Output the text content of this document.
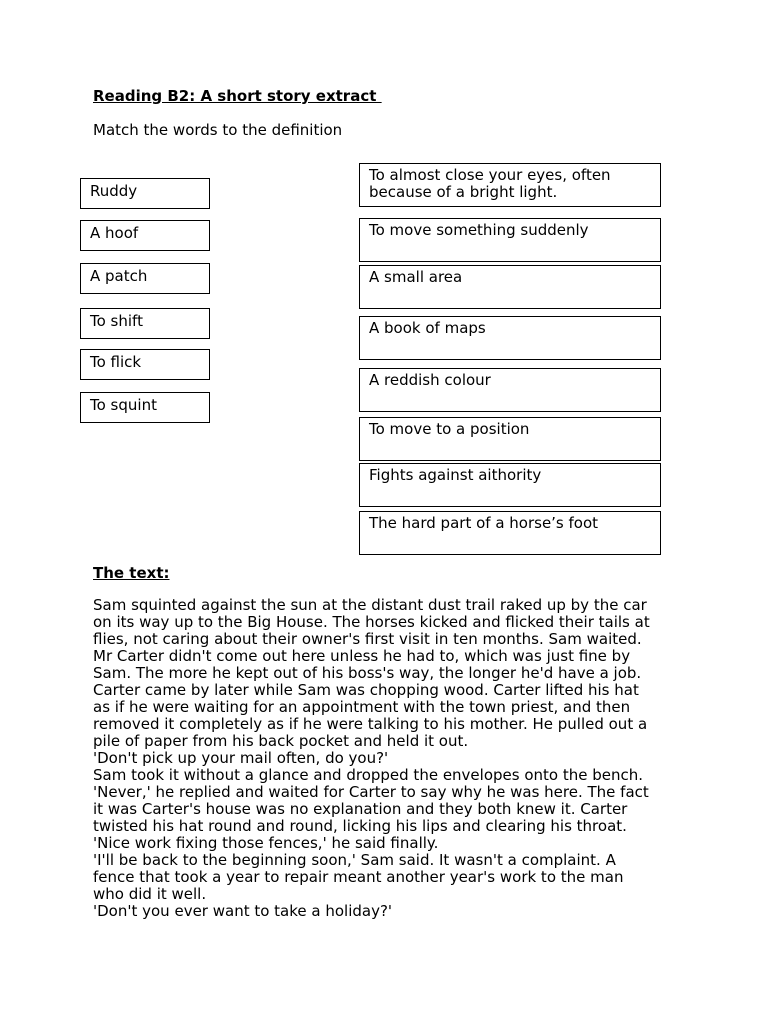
Reading B2: A short story extract
Match the words to the definition
Ruddy
A hoof
A patch
To shift
To flick
To squint
To almost close your eyes, often because of a bright light.
To move something suddenly
A small area
A book of maps
A reddish colour
To move to a position
Fights against aithority
The hard part of a horse’s foot
The text:
Sam squinted against the sun at the distant dust trail raked up by the car
on its way up to the Big House. The horses kicked and flicked their tails at
flies, not caring about their owner's first visit in ten months. Sam waited.
Mr Carter didn't come out here unless he had to, which was just fine by
Sam. The more he kept out of his boss's way, the longer he'd have a job.
Carter came by later while Sam was chopping wood. Carter lifted his hat
as if he were waiting for an appointment with the town priest, and then
removed it completely as if he were talking to his mother. He pulled out a
pile of paper from his back pocket and held it out.
'Don't pick up your mail often, do you?'
Sam took it without a glance and dropped the envelopes onto the bench.
'Never,' he replied and waited for Carter to say why he was here. The fact
it was Carter's house was no explanation and they both knew it. Carter
twisted his hat round and round, licking his lips and clearing his throat.
'Nice work fixing those fences,' he said finally.
'I'll be back to the beginning soon,' Sam said. It wasn't a complaint. A
fence that took a year to repair meant another year's work to the man
who did it well.
'Don't you ever want to take a holiday?'
